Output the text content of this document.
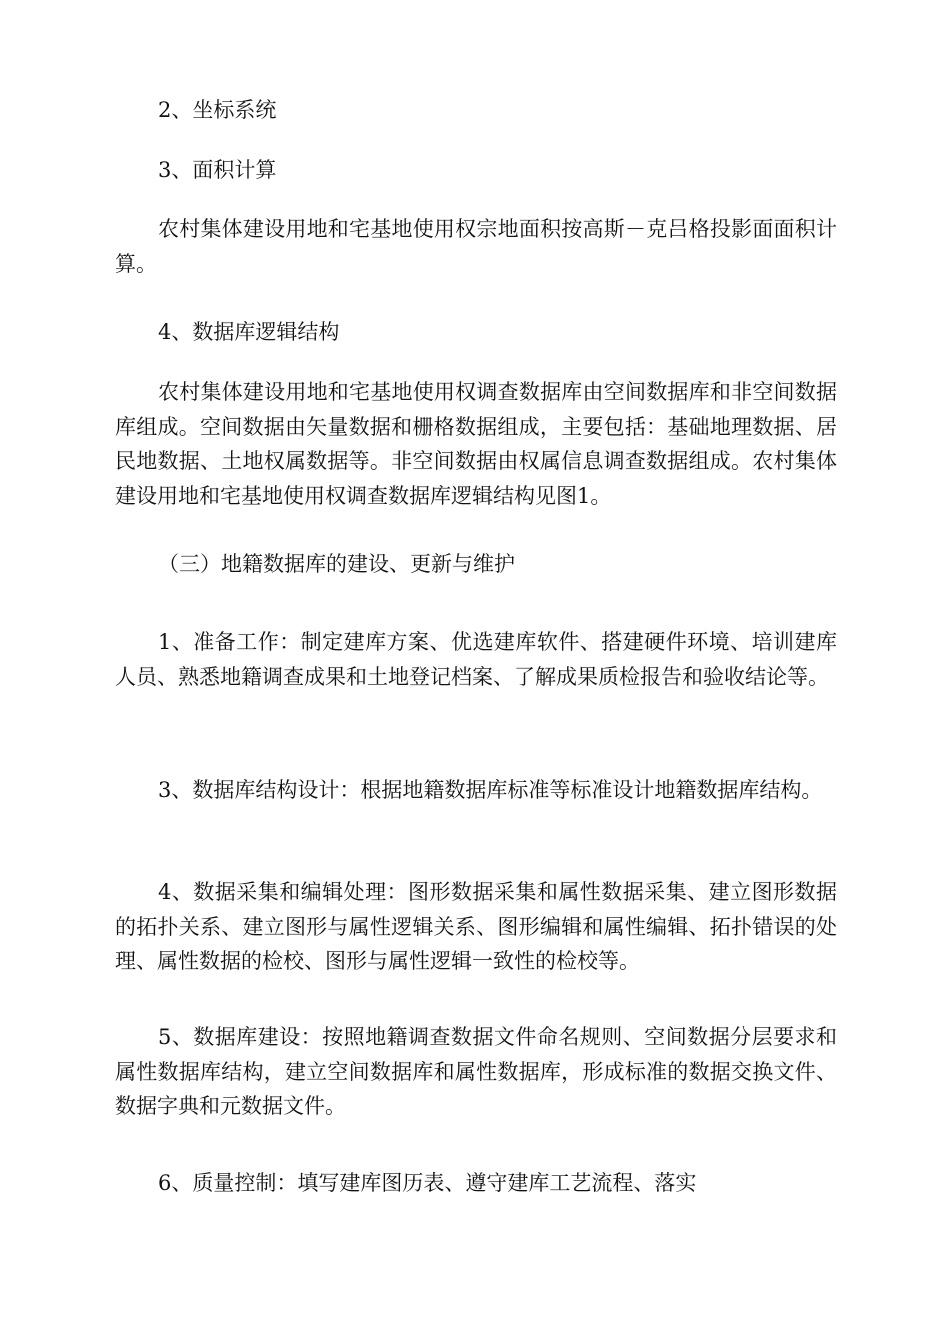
2、坐标系统

3、面积计算

农村集体建设用地和宅基地使用权宗地面积按高斯－克吕格投影面面积计算。

4、数据库逻辑结构

农村集体建设用地和宅基地使用权调查数据库由空间数据库和非空间数据库组成。空间数据由矢量数据和栅格数据组成，主要包括：基础地理数据、居民地数据、土地权属数据等。非空间数据由权属信息调查数据组成。农村集体建设用地和宅基地使用权调查数据库逻辑结构见图1。

（三）地籍数据库的建设、更新与维护

1、准备工作：制定建库方案、优选建库软件、搭建硬件环境、培训建库人员、熟悉地籍调查成果和土地登记档案、了解成果质检报告和验收结论等。

3、数据库结构设计：根据地籍数据库标准等标准设计地籍数据库结构。

4、数据采集和编辑处理：图形数据采集和属性数据采集、建立图形数据的拓扑关系、建立图形与属性逻辑关系、图形编辑和属性编辑、拓扑错误的处理、属性数据的检校、图形与属性逻辑一致性的检校等。

5、数据库建设：按照地籍调查数据文件命名规则、空间数据分层要求和属性数据库结构，建立空间数据库和属性数据库，形成标准的数据交换文件、数据字典和元数据文件。

6、质量控制：填写建库图历表、遵守建库工艺流程、落实
